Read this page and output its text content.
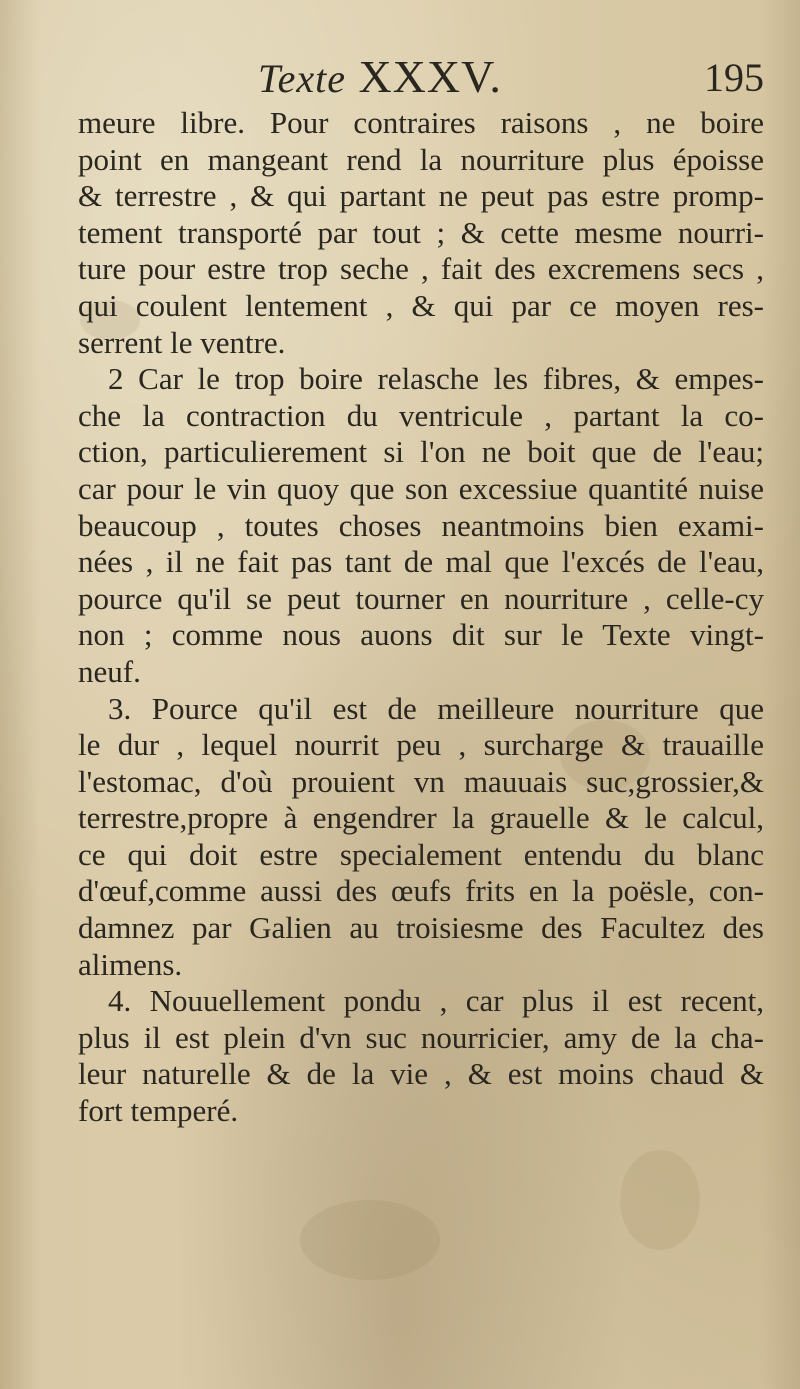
Texte XXXV.	195
meure libre. Pour contraires raisons , ne boire
point en mangeant rend la nourriture plus époisse
& terrestre , & qui partant ne peut pas estre promp-
tement transporté par tout ; & cette mesme nourri-
ture pour estre trop seche , fait des excremens secs ,
qui coulent lentement , & qui par ce moyen res-
serrent le ventre.
2 Car le trop boire relasche les fibres, & empes-
che la contraction du ventricule , partant la co-
ction, particulierement si l'on ne boit que de l'eau;
car pour le vin quoy que son excessiue quantité nuise
beaucoup , toutes choses neantmoins bien exami-
nées , il ne fait pas tant de mal que l'excés de l'eau,
pource qu'il se peut tourner en nourriture , celle-cy
non ; comme nous auons dit sur le Texte vingt-
neuf.
3. Pource qu'il est de meilleure nourriture que
le dur , lequel nourrit peu , surcharge & trauaille
l'estomac, d'où prouient vn mauuais suc,grossier,&
terrestre,propre à engendrer la grauelle & le calcul,
ce qui doit estre specialement entendu du blanc
d'œuf,comme aussi des œufs frits en la poësle, con-
damnez par Galien au troisiesme des Facultez des
alimens.
4. Nouuellement pondu , car plus il est recent,
plus il est plein d'vn suc nourricier, amy de la cha-
leur naturelle & de la vie , & est moins chaud &
fort temperé.
